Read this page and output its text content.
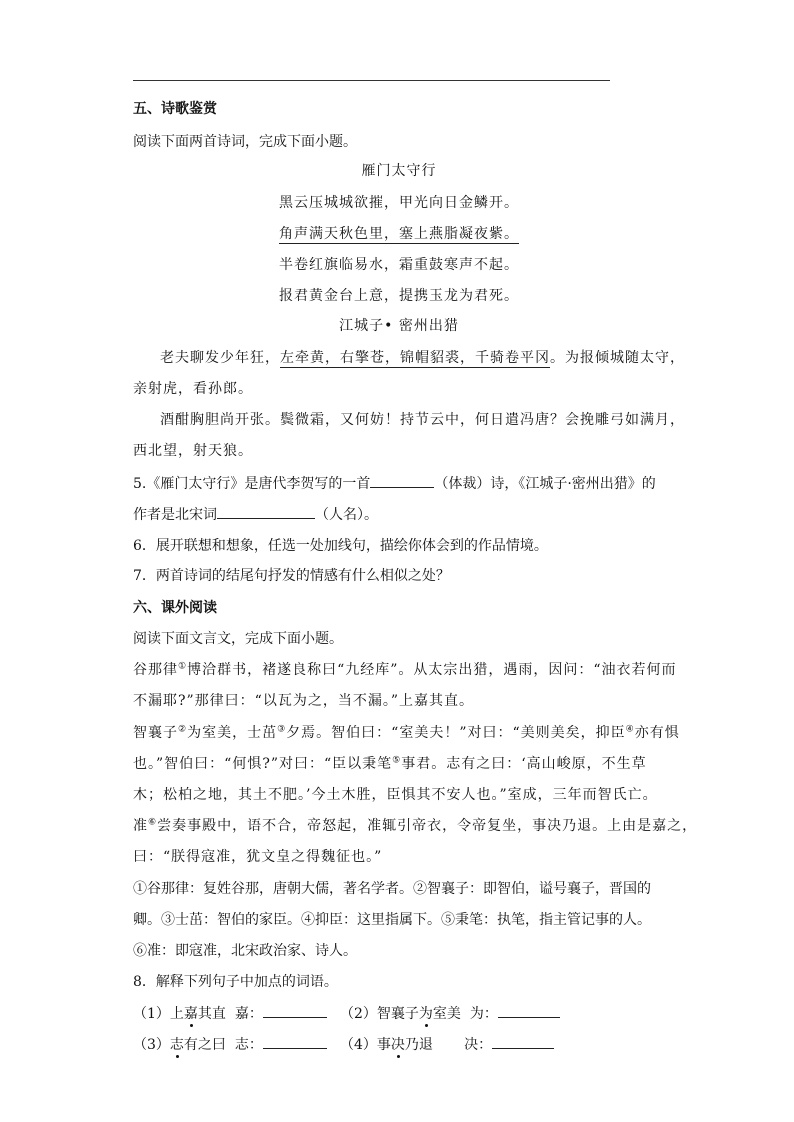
五、诗歌鉴赏
阅读下面两首诗词，完成下面小题。
雁门太守行
黑云压城城欲摧，甲光向日金鳞开。
角声满天秋色里，塞上燕脂凝夜紫。
半卷红旗临易水，霜重鼓寒声不起。
报君黄金台上意，提携玉龙为君死。
江城子• 密州出猎
老夫聊发少年狂，左牵黄，右擎苍，锦帽貂裘，千骑卷平冈。为报倾城随太守，
亲射虎，看孙郎。
酒酣胸胆尚开张。鬓微霜，又何妨！持节云中，何日遣冯唐？会挽雕弓如满月，
西北望，射天狼。
5.《雁门太守行》是唐代李贺写的一首	（体裁）诗，《江城子·密州出猎》的
作者是北宋词	（人名）。
6．展开联想和想象，任选一处加线句，描绘你体会到的作品情境。
7．两首诗词的结尾句抒发的情感有什么相似之处？
六、课外阅读
阅读下面文言文，完成下面小题。
谷那律①博洽群书，褚遂良称曰“九经库”。从太宗出猎，遇雨，因问：“油衣若何而
不漏耶?”那律曰：“以瓦为之，当不漏。”上嘉其直。
智襄子②为室美，士茁③夕焉。智伯曰：“室美夫！”对曰：“美则美矣，抑臣④亦有惧
也。”智伯曰：“何惧?”对曰：“臣以秉笔⑤事君。志有之曰：‘高山峻原，不生草
木；松柏之地，其土不肥。’今土木胜，臣惧其不安人也。”室成，三年而智氏亡。
准⑥尝奏事殿中，语不合，帝怒起，准辄引帝衣，令帝复坐，事决乃退。上由是嘉之，
曰：“朕得寇准，犹文皇之得魏征也。”
①谷那律：复姓谷那，唐朝大儒，著名学者。②智襄子：即智伯，谥号襄子，晋国的
卿。③士茁：智伯的家臣。④抑臣：这里指属下。⑤秉笔：执笔，指主管记事的人。
⑥准：即寇准，北宋政治家、诗人。
8．解释下列句子中加点的词语。
（1）上嘉其直 嘉：	（2）智襄子为室美 为：
（3）志有之曰 志：	（4）事决乃退 决：
